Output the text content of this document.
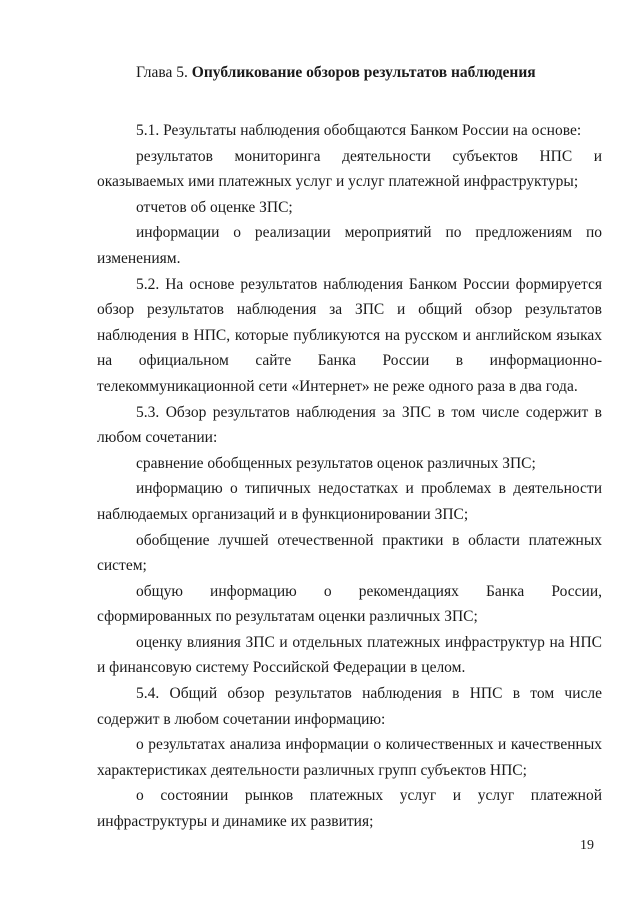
Глава 5. Опубликование обзоров результатов наблюдения

5.1. Результаты наблюдения обобщаются Банком России на основе:

результатов мониторинга деятельности субъектов НПС и оказываемых ими платежных услуг и услуг платежной инфраструктуры;

отчетов об оценке ЗПС;

информации о реализации мероприятий по предложениям по изменениям.

5.2. На основе результатов наблюдения Банком России формируется обзор результатов наблюдения за ЗПС и общий обзор результатов наблюдения в НПС, которые публикуются на русском и английском языках на официальном сайте Банка России в информационно-телекоммуникационной сети «Интернет» не реже одного раза в два года.

5.3. Обзор результатов наблюдения за ЗПС в том числе содержит в любом сочетании:

сравнение обобщенных результатов оценок различных ЗПС;

информацию о типичных недостатках и проблемах в деятельности наблюдаемых организаций и в функционировании ЗПС;

обобщение лучшей отечественной практики в области платежных систем;

общую информацию о рекомендациях Банка России, сформированных по результатам оценки различных ЗПС;

оценку влияния ЗПС и отдельных платежных инфраструктур на НПС и финансовую систему Российской Федерации в целом.

5.4. Общий обзор результатов наблюдения в НПС в том числе содержит в любом сочетании информацию:

о результатах анализа информации о количественных и качественных характеристиках деятельности различных групп субъектов НПС;

о состоянии рынков платежных услуг и услуг платежной инфраструктуры и динамике их развития;

19
